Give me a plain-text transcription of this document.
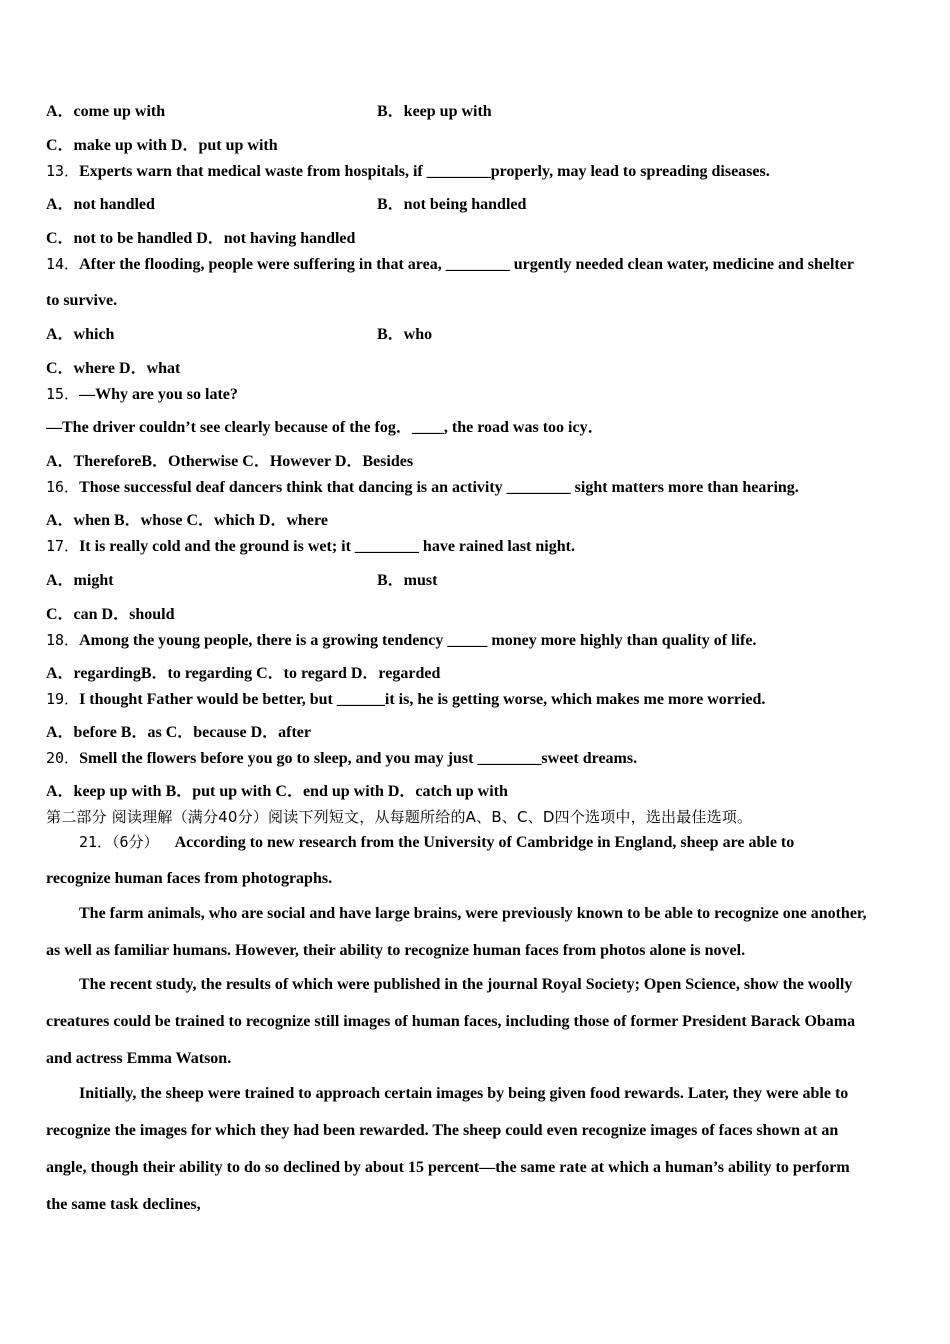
A．come up with	B．keep up with
C．make up with D．put up with
13．Experts warn that medical waste from hospitals, if ________properly, may lead to spreading diseases.
A．not handled	B．not being handled
C．not to be handled D．not having handled
14．After the flooding, people were suffering in that area, ________ urgently needed clean water, medicine and shelter
to survive.
A．which	B．who
C．where D．what
15．—Why are you so late?
—The driver couldn’t see clearly because of the fog．____, the road was too icy．
A．ThereforeB．Otherwise C．However D．Besides
16．Those successful deaf dancers think that dancing is an activity ________ sight matters more than hearing.
A．when B．whose C．which D．where
17．It is really cold and the ground is wet; it ________ have rained last night.
A．might	B．must
C．can D．should
18．Among the young people, there is a growing tendency _____ money more highly than quality of life.
A．regardingB．to regarding C．to regard D．regarded
19．I thought Father would be better, but ______it is, he is getting worse, which makes me more worried.
A．before B．as C．because D．after
20．Smell the flowers before you go to sleep, and you may just ________sweet dreams.
A．keep up with B．put up with C．end up with D．catch up with
第二部分 阅读理解（满分40分）阅读下列短文，从每题所给的A、B、C、D四个选项中，选出最佳选项。
21．（6分） According to new research from the University of Cambridge in England, sheep are able to
recognize human faces from photographs.
The farm animals, who are social and have large brains, were previously known to be able to recognize one another,
as well as familiar humans. However, their ability to recognize human faces from photos alone is novel.
The recent study, the results of which were published in the journal Royal Society; Open Science, show the woolly
creatures could be trained to recognize still images of human faces, including those of former President Barack Obama
and actress Emma Watson.
Initially, the sheep were trained to approach certain images by being given food rewards. Later, they were able to
recognize the images for which they had been rewarded. The sheep could even recognize images of faces shown at an
angle, though their ability to do so declined by about 15 percent—the same rate at which a human’s ability to perform
the same task declines,
